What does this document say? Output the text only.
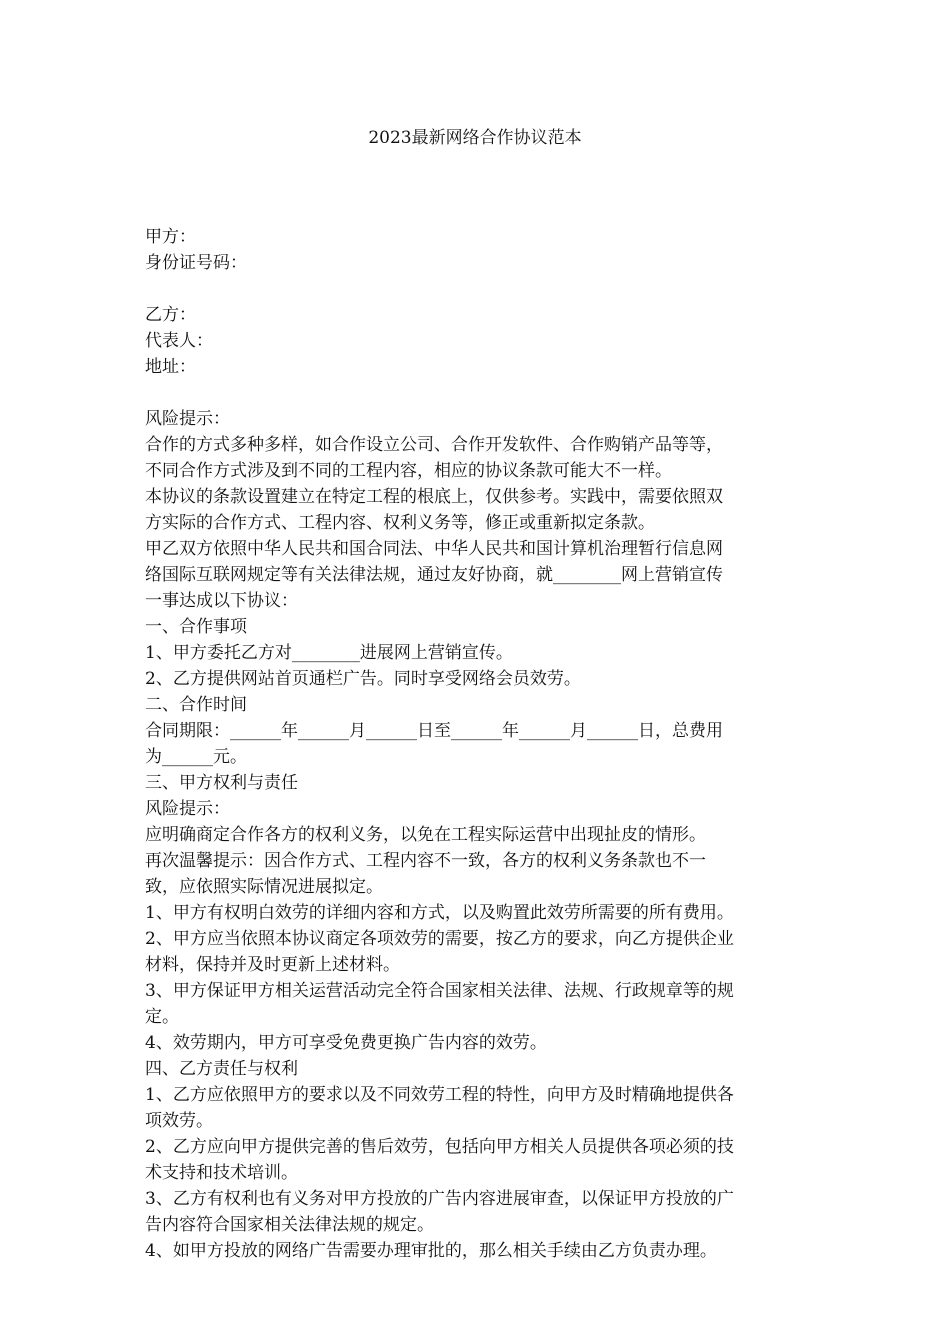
2023最新网络合作协议范本
甲方：
身份证号码：
乙方：
代表人：
地址：
风险提示：
合作的方式多种多样，如合作设立公司、合作开发软件、合作购销产品等等，
不同合作方式涉及到不同的工程内容，相应的协议条款可能大不一样。
本协议的条款设置建立在特定工程的根底上，仅供参考。实践中，需要依照双
方实际的合作方式、工程内容、权利义务等，修正或重新拟定条款。
甲乙双方依照中华人民共和国合同法、中华人民共和国计算机治理暂行信息网
络国际互联网规定等有关法律法规，通过友好协商，就________网上营销宣传
一事达成以下协议：
一、合作事项
1、甲方委托乙方对________进展网上营销宣传。
2、乙方提供网站首页通栏广告。同时享受网络会员效劳。
二、合作时间
合同期限：______年______月______日至______年______月______日，总费用
为______元。
三、甲方权利与责任
风险提示：
应明确商定合作各方的权利义务，以免在工程实际运营中出现扯皮的情形。
再次温馨提示：因合作方式、工程内容不一致，各方的权利义务条款也不一
致，应依照实际情况进展拟定。
1、甲方有权明白效劳的详细内容和方式，以及购置此效劳所需要的所有费用。
2、甲方应当依照本协议商定各项效劳的需要，按乙方的要求，向乙方提供企业
材料，保持并及时更新上述材料。
3、甲方保证甲方相关运营活动完全符合国家相关法律、法规、行政规章等的规
定。
4、效劳期内，甲方可享受免费更换广告内容的效劳。
四、乙方责任与权利
1、乙方应依照甲方的要求以及不同效劳工程的特性，向甲方及时精确地提供各
项效劳。
2、乙方应向甲方提供完善的售后效劳，包括向甲方相关人员提供各项必须的技
术支持和技术培训。
3、乙方有权利也有义务对甲方投放的广告内容进展审查，以保证甲方投放的广
告内容符合国家相关法律法规的规定。
4、如甲方投放的网络广告需要办理审批的，那么相关手续由乙方负责办理。
